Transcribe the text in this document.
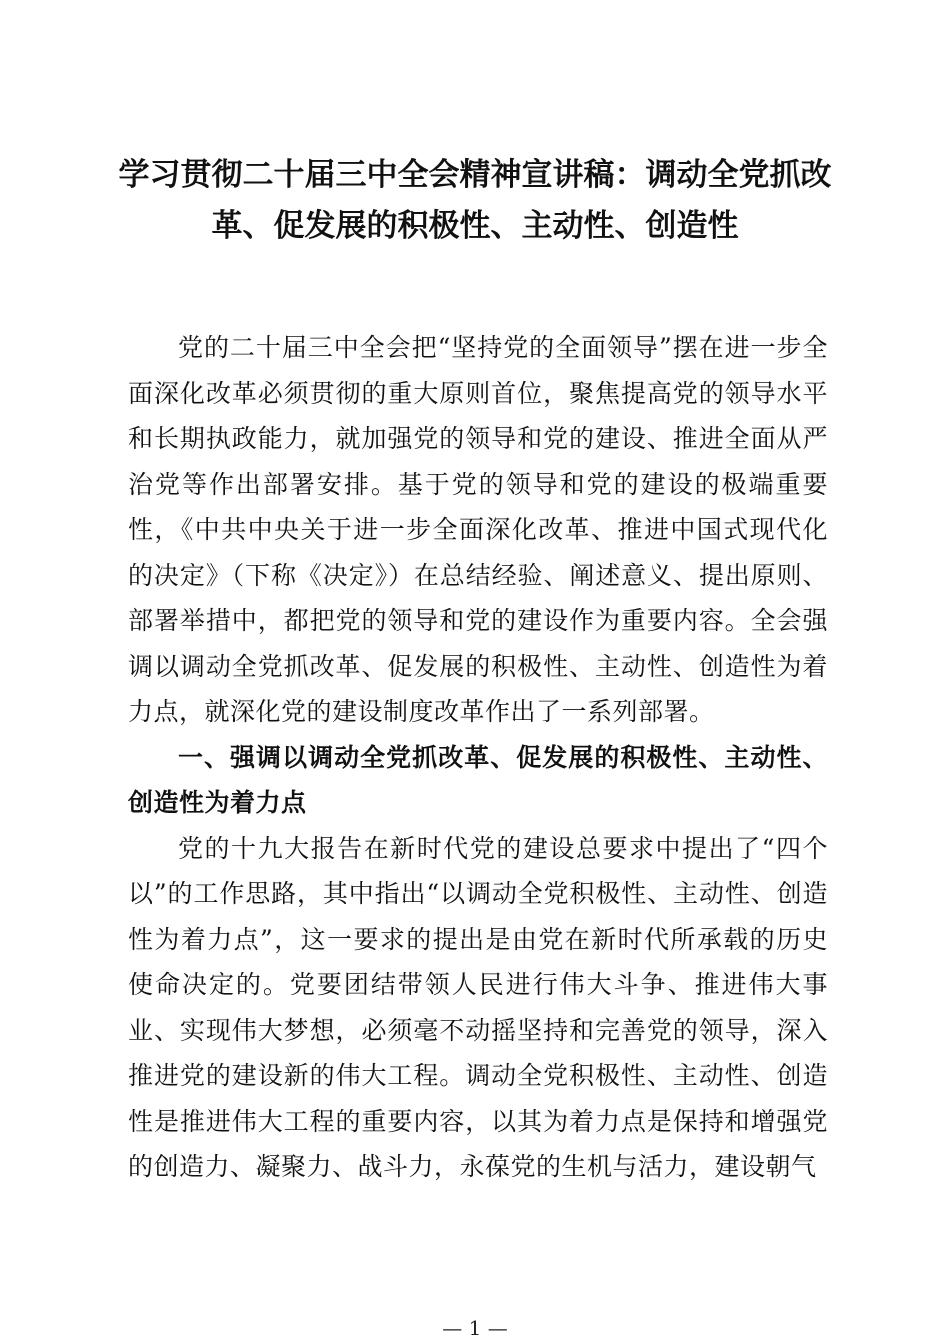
学习贯彻二十届三中全会精神宣讲稿：调动全党抓改革、促发展的积极性、主动性、创造性

党的二十届三中全会把“坚持党的全面领导”摆在进一步全面深化改革必须贯彻的重大原则首位，聚焦提高党的领导水平和长期执政能力，就加强党的领导和党的建设、推进全面从严治党等作出部署安排。基于党的领导和党的建设的极端重要性，《中共中央关于进一步全面深化改革、推进中国式现代化的决定》（下称《决定》）在总结经验、阐述意义、提出原则、部署举措中，都把党的领导和党的建设作为重要内容。全会强调以调动全党抓改革、促发展的积极性、主动性、创造性为着力点，就深化党的建设制度改革作出了一系列部署。

一、强调以调动全党抓改革、促发展的积极性、主动性、创造性为着力点

党的十九大报告在新时代党的建设总要求中提出了“四个以”的工作思路，其中指出“以调动全党积极性、主动性、创造性为着力点”，这一要求的提出是由党在新时代所承载的历史使命决定的。党要团结带领人民进行伟大斗争、推进伟大事业、实现伟大梦想，必须毫不动摇坚持和完善党的领导，深入推进党的建设新的伟大工程。调动全党积极性、主动性、创造性是推进伟大工程的重要内容，以其为着力点是保持和增强党的创造力、凝聚力、战斗力，永葆党的生机与活力，建设朝气

— 1 —
